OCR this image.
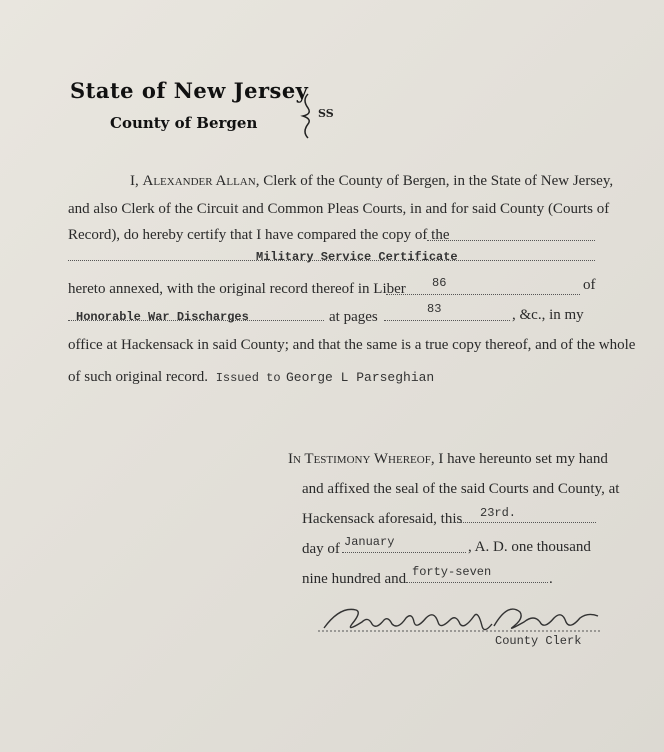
State of New Jersey
County of Bergen
SS
I, Alexander Allan, Clerk of the County of Bergen, in the State of New Jersey,
and also Clerk of the Circuit and Common Pleas Courts, in and for said County (Courts of
Record), do hereby certify that I have compared the copy of the
Military Service Certificate
hereto annexed, with the original record thereof in Liber 86	of
Honorable War Discharges	at pages	83	, &c., in my
office at Hackensack in said County; and that the same is a true copy thereof, and of the whole
of such original record. Issued to George L Parseghian
In Testimony Whereof, I have hereunto set my hand
and affixed the seal of the said Courts and County, at
Hackensack aforesaid, this 23rd.
day of January	, A. D. one thousand
nine hundred and forty-seven	.
County Clerk
